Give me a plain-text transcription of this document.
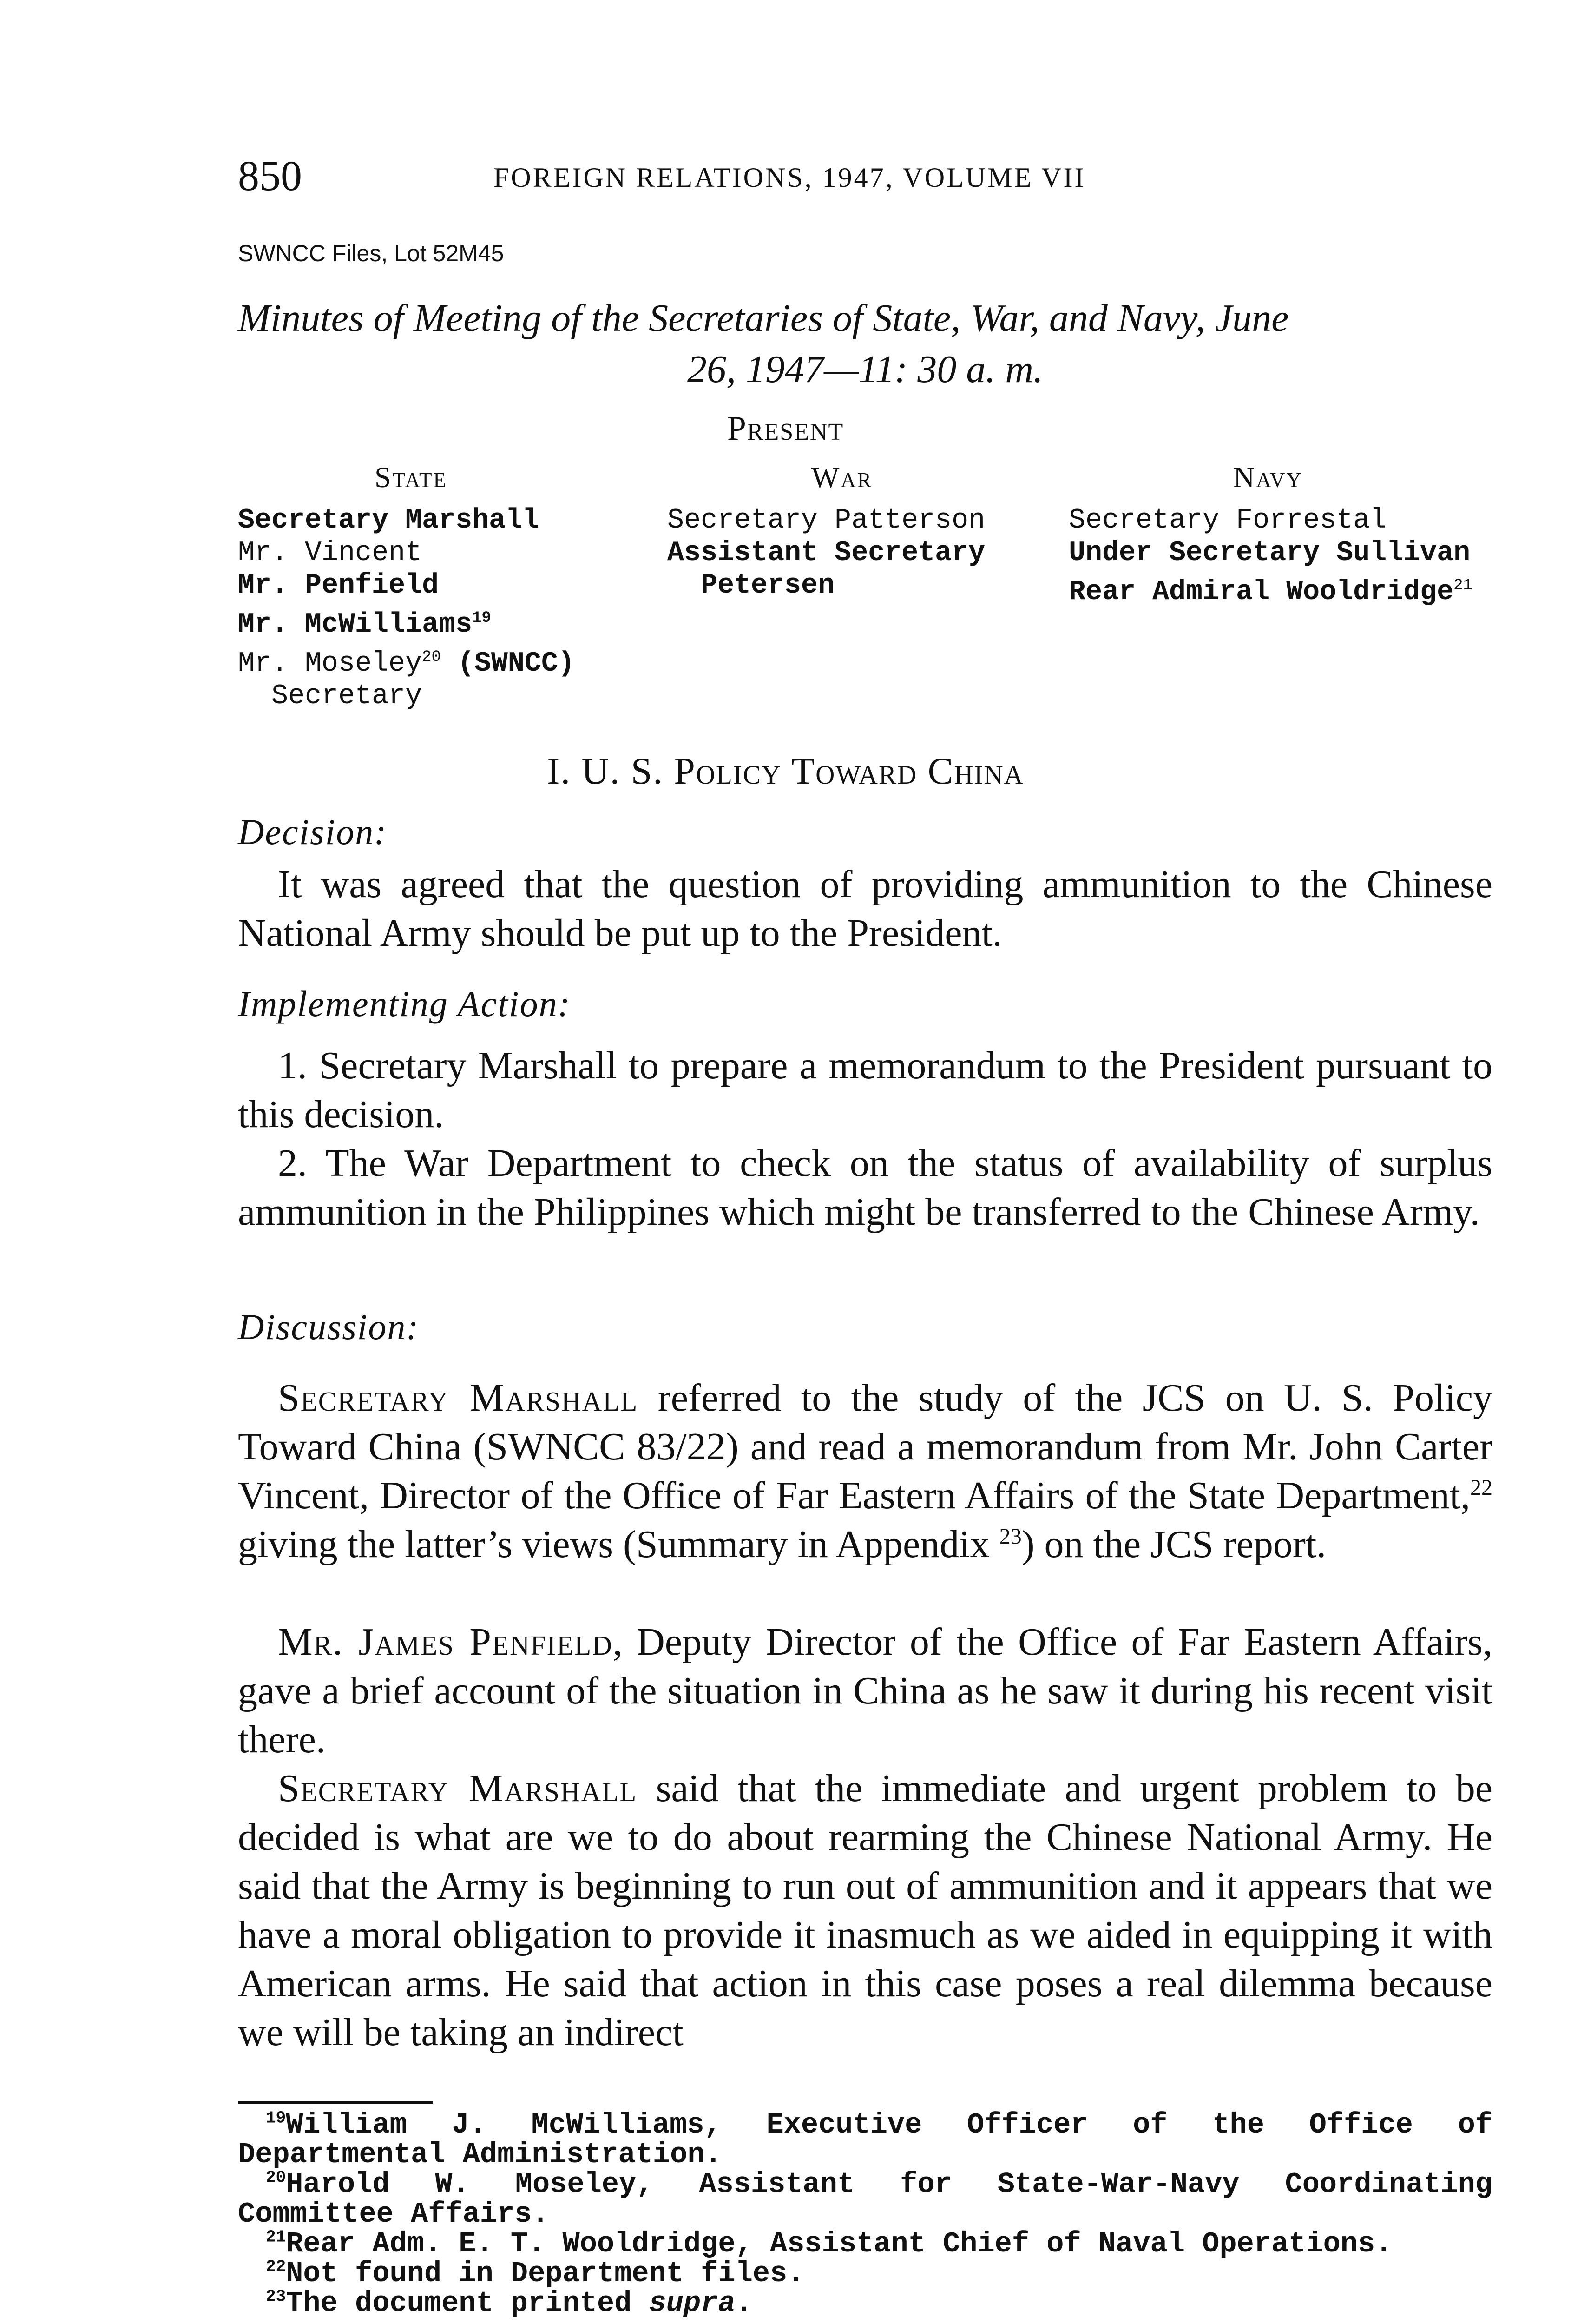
850	FOREIGN RELATIONS, 1947, VOLUME VII
SWNCC Files, Lot 52M45
Minutes of Meeting of the Secretaries of State, War, and Navy, June
26, 1947—11: 30 a. m.
Present
State
Secretary Marshall
Mr. Vincent
Mr. Penfield
Mr. McWilliams$^{19}$
Mr. Moseley$^{20}$ (SWNCC)
Secretary
War
Secretary Patterson
Assistant Secretary
Petersen
Navy
Secretary Forrestal
Under Secretary Sullivan
Rear Admiral Wooldridge$^{21}$
I. U. S. Policy Toward China
Decision:
It was agreed that the question of providing ammunition to the Chinese National Army should be put up to the President.
Implementing Action:
1. Secretary Marshall to prepare a memorandum to the President pursuant to this decision.
2. The War Department to check on the status of availability of surplus ammunition in the Philippines which might be transferred to the Chinese Army.
Discussion:
Secretary Marshall referred to the study of the JCS on U. S. Policy Toward China (SWNCC 83/22) and read a memorandum from Mr. John Carter Vincent, Director of the Office of Far Eastern Affairs of the State Department,$^{22}$ giving the latter’s views (Summary in Appendix $^{23}$) on the JCS report.
Mr. James Penfield, Deputy Director of the Office of Far Eastern Affairs, gave a brief account of the situation in China as he saw it during his recent visit there.
Secretary Marshall said that the immediate and urgent problem to be decided is what are we to do about rearming the Chinese National Army. He said that the Army is beginning to run out of ammunition and it appears that we have a moral obligation to provide it inasmuch as we aided in equipping it with American arms. He said that action in this case poses a real dilemma because we will be taking an indirect
$^{19}$William J. McWilliams, Executive Officer of the Office of Departmental Administration.
$^{20}$Harold W. Moseley, Assistant for State-War-Navy Coordinating Committee Affairs.
$^{21}$Rear Adm. E. T. Wooldridge, Assistant Chief of Naval Operations.
$^{22}$Not found in Department files.
$^{23}$The document printed supra.
